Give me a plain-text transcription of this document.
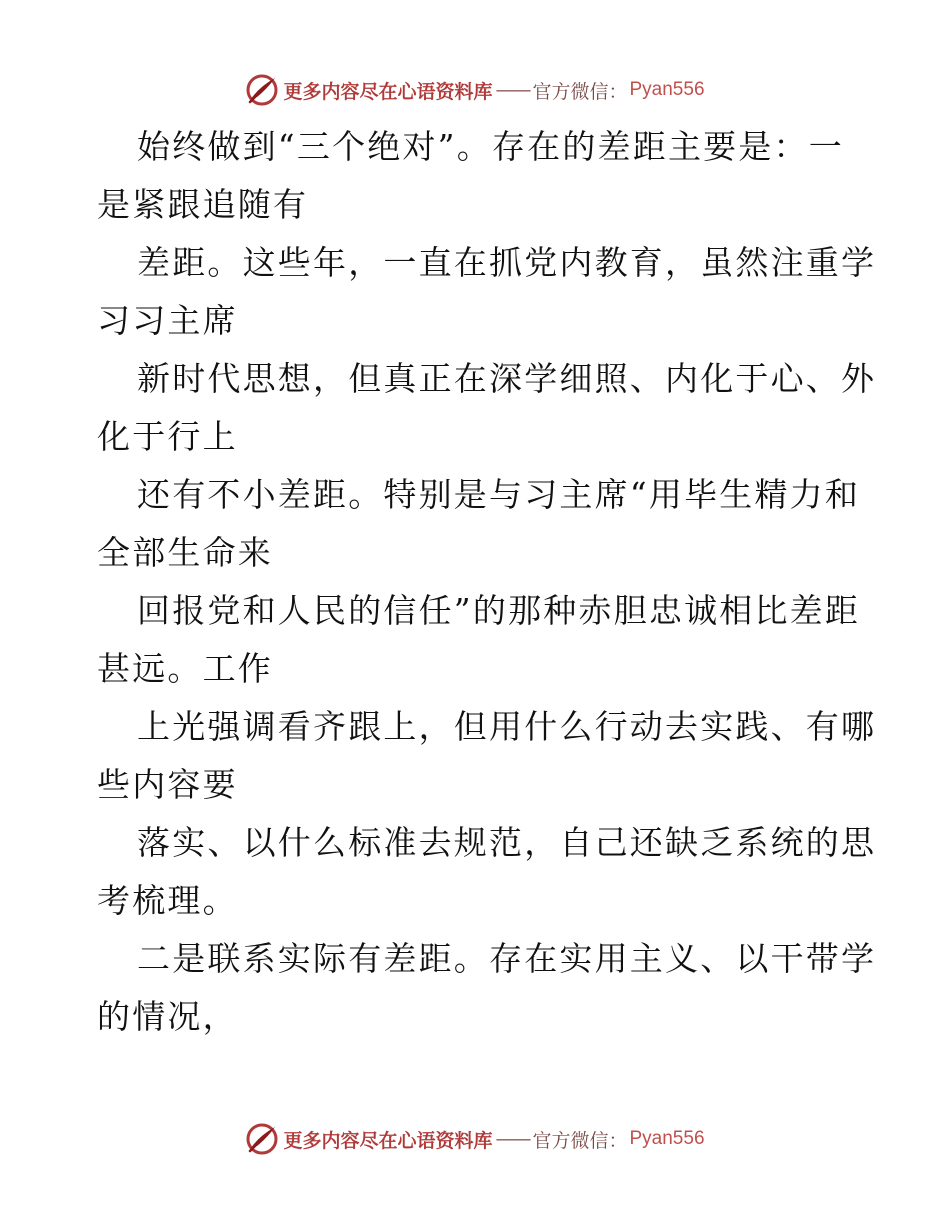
更多内容尽在心语资料库 —— 官方微信： Pyan556

始终做到“三个绝对”。存在的差距主要是：一

是紧跟追随有

差距。这些年，一直在抓党内教育，虽然注重学

习习主席

新时代思想，但真正在深学细照、内化于心、外

化于行上

还有不小差距。特别是与习主席“用毕生精力和

全部生命来

回报党和人民的信任”的那种赤胆忠诚相比差距

甚远。工作

上光强调看齐跟上，但用什么行动去实践、有哪

些内容要

落实、以什么标准去规范，自己还缺乏系统的思

考梳理。

二是联系实际有差距。存在实用主义、以干带学

的情况，

更多内容尽在心语资料库 —— 官方微信： Pyan556
